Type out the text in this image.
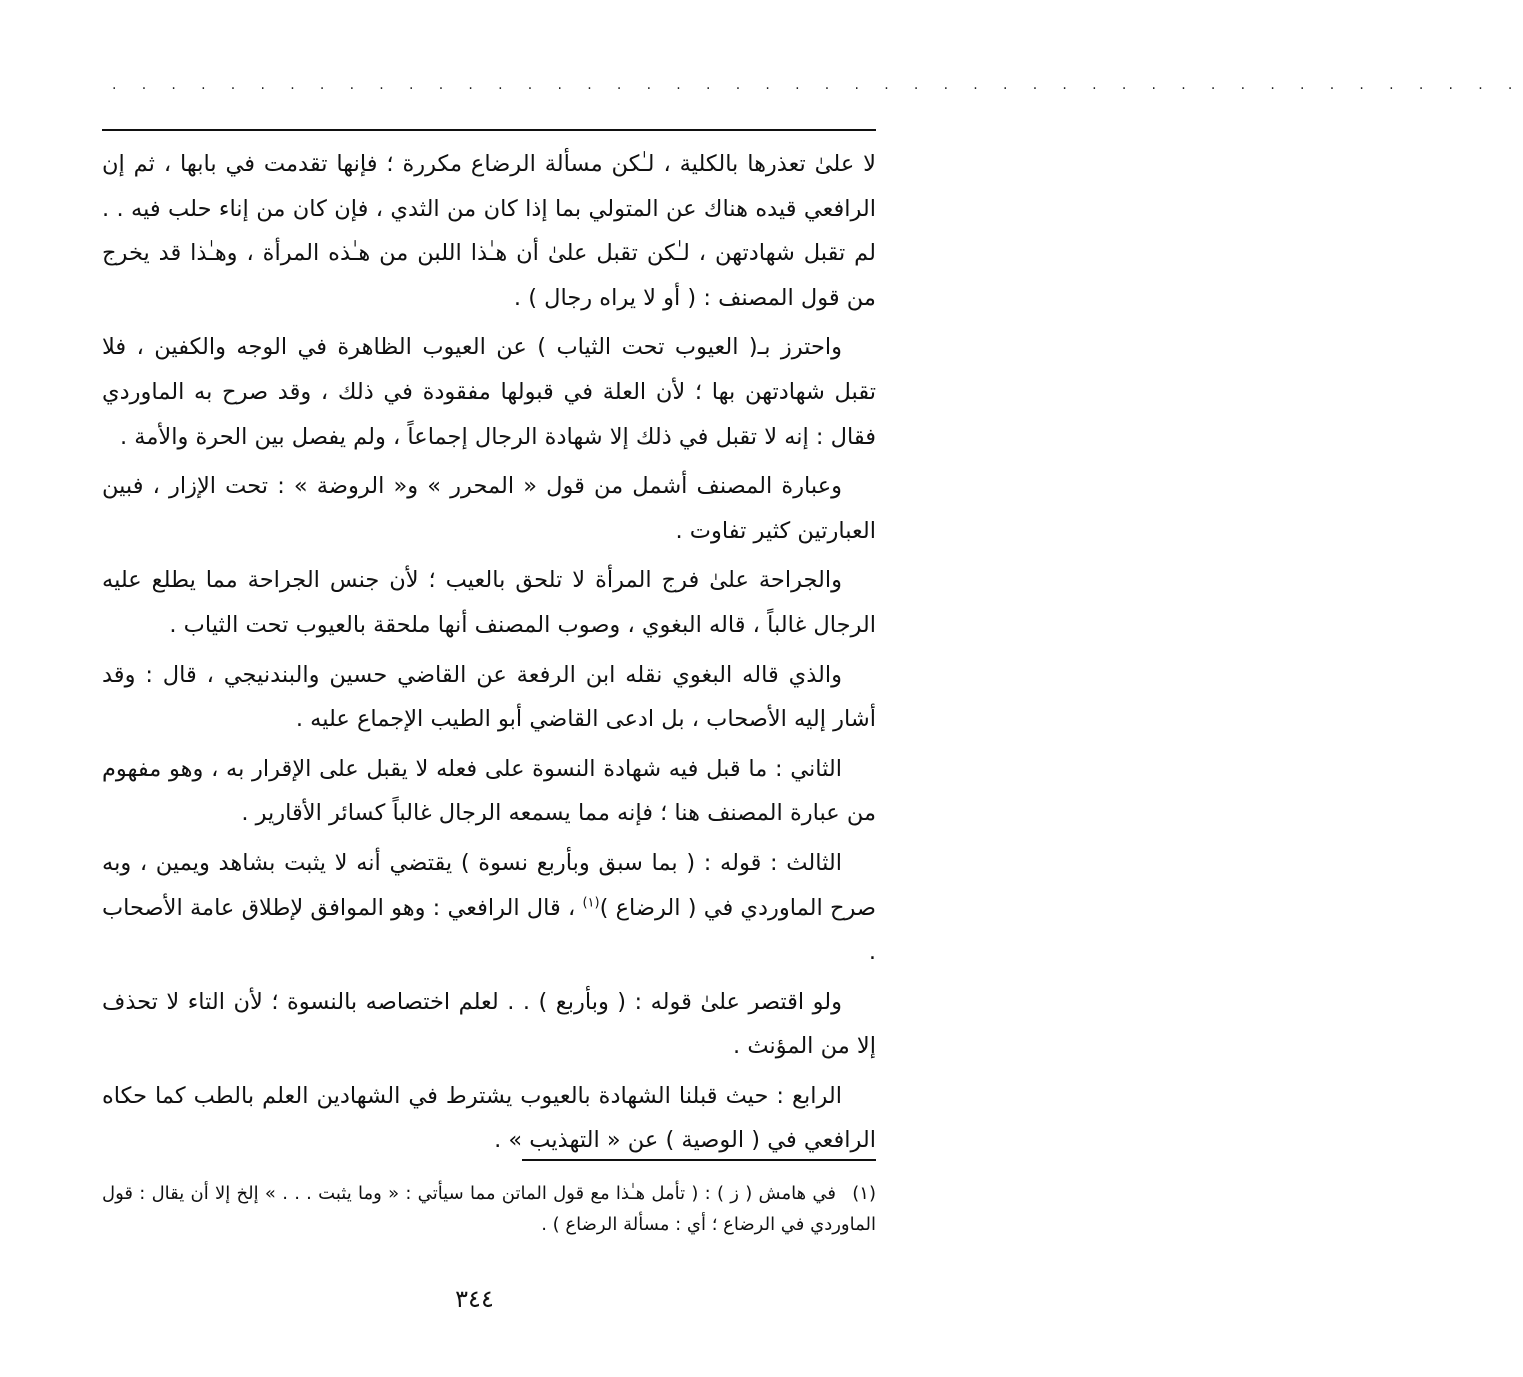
· · · · · · · · · · · · · · · · · · · · · · · · · · · · · · · · · · · · · · · · · · · · · · · ·

لا علىٰ تعذرها بالكلية ، لـٰكن مسألة الرضاع مكررة ؛ فإنها تقدمت في بابها ، ثم إن الرافعي قيده هناك عن المتولي بما إذا كان من الثدي ، فإن كان من إناء حلب فيه . . لم تقبل شهادتهن ، لـٰكن تقبل علىٰ أن هـٰذا اللبن من هـٰذه المرأة ، وهـٰذا قد يخرج من قول المصنف : ( أو لا يراه رجال ) .

واحترز بـ( العيوب تحت الثياب ) عن العيوب الظاهرة في الوجه والكفين ، فلا تقبل شهادتهن بها ؛ لأن العلة في قبولها مفقودة في ذلك ، وقد صرح به الماوردي فقال : إنه لا تقبل في ذلك إلا شهادة الرجال إجماعاً ، ولم يفصل بين الحرة والأمة .

وعبارة المصنف أشمل من قول « المحرر » و« الروضة » : تحت الإزار ، فبين العبارتين كثير تفاوت .

والجراحة علىٰ فرج المرأة لا تلحق بالعيب ؛ لأن جنس الجراحة مما يطلع عليه الرجال غالباً ، قاله البغوي ، وصوب المصنف أنها ملحقة بالعيوب تحت الثياب .

والذي قاله البغوي نقله ابن الرفعة عن القاضي حسين والبندنيجي ، قال : وقد أشار إليه الأصحاب ، بل ادعى القاضي أبو الطيب الإجماع عليه .

الثاني : ما قبل فيه شهادة النسوة على فعله لا يقبل على الإقرار به ، وهو مفهوم من عبارة المصنف هنا ؛ فإنه مما يسمعه الرجال غالباً كسائر الأقارير .

الثالث : قوله : ( بما سبق وبأربع نسوة ) يقتضي أنه لا يثبت بشاهد ويمين ، وبه صرح الماوردي في ( الرضاع )$^{(١)}$ ، قال الرافعي : وهو الموافق لإطلاق عامة الأصحاب .

ولو اقتصر علىٰ قوله : ( وبأربع ) . . لعلم اختصاصه بالنسوة ؛ لأن التاء لا تحذف إلا من المؤنث .

الرابع : حيث قبلنا الشهادة بالعيوب يشترط في الشهادين العلم بالطب كما حكاه الرافعي في ( الوصية ) عن « التهذيب » .

(١)في هامش ( ز ) : ( تأمل هـٰذا مع قول الماتن مما سيأتي : « وما يثبت . . . » إلخ إلا أن يقال : قول الماوردي في الرضاع ؛ أي : مسألة الرضاع ) .

٣٤٤
